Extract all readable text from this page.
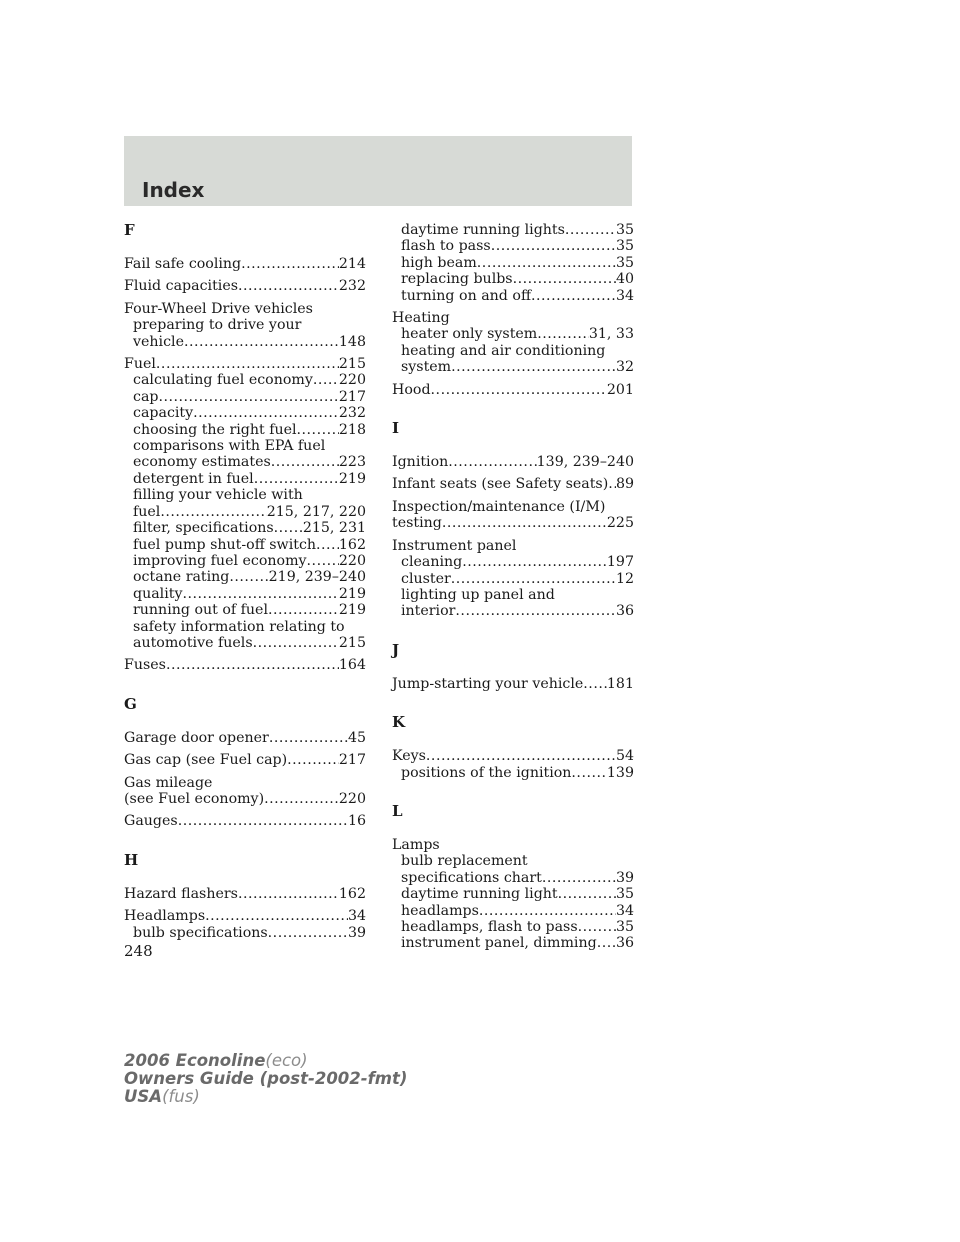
Index
F
Fail safe cooling .....	214
Fluid capacities .....	232
Four-Wheel Drive vehicles
preparing to drive your
vehicle .....	148
Fuel .....	215
calculating fuel economy ..... 220
cap .....	217
capacity .....	232
choosing the right fuel .....	218
comparisons with EPA fuel
economy estimates .....	223
detergent in fuel .....	219
filling your vehicle with
fuel .....	215, 217, 220
filter, specifications ..... 215, 231
fuel pump shut-off switch ..... 162
improving fuel economy ..... 220
octane rating .....	219, 239–240
quality .....	219
running out of fuel .....	219
safety information relating to
automotive fuels .....	215
Fuses .....	164
G
Garage door opener .....	45
Gas cap (see Fuel cap) .....	217
Gas mileage
(see Fuel economy) .....	220
Gauges .....	16
H
Hazard flashers .....	162
Headlamps .....	34
bulb specifications .....	39
daytime running lights .....	35
flash to pass .....	35
high beam .....	35
replacing bulbs .....	40
turning on and off .....	34
Heating
heater only system .....	31, 33
heating and air conditioning
system .....	32
Hood .....	201
I
Ignition .....	139, 239–240
Infant seats (see Safety seats) ..... 89
Inspection/maintenance (I/M)
testing .....	225
Instrument panel
cleaning .....	197
cluster .....	12
lighting up panel and
interior .....	36
J
Jump-starting your vehicle ..... 181
K
Keys .....	54
positions of the ignition ..... 139
L
Lamps
bulb replacement
specifications chart .....	39
daytime running light .....	35
headlamps .....	34
headlamps, flash to pass .....	35
instrument panel, dimming ..... 36
248
2006 Econoline(eco)
Owners Guide (post-2002-fmt)
USA(fus)
